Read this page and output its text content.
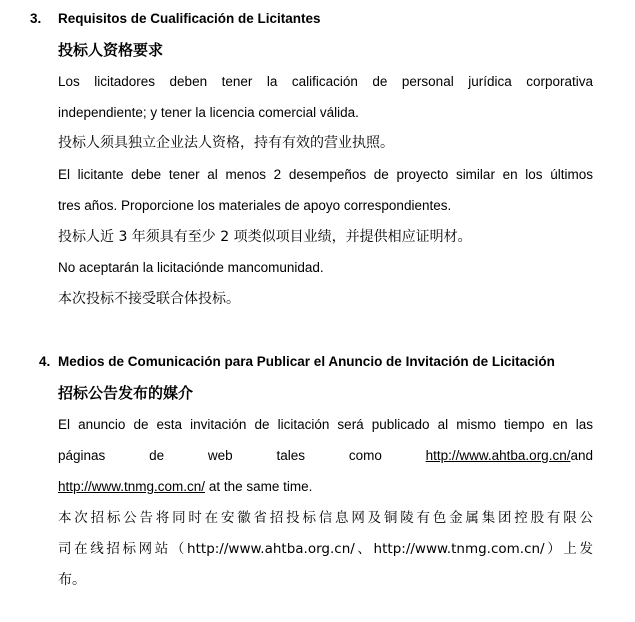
3. Requisitos de Cualificación de Licitantes
投标人资格要求
Los licitadores deben tener la calificación de personal jurídica corporativa
independiente; y tener la licencia comercial válida.
投标人须具独立企业法人资格，持有有效的营业执照。
El licitante debe tener al menos 2 desempeños de proyecto similar en los últimos
tres años. Proporcione los materiales de apoyo correspondientes.
投标人近 3 年须具有至少 2 项类似项目业绩，并提供相应证明材。
No aceptarán la licitaciónde mancomunidad.
本次投标不接受联合体投标。
4. Medios de Comunicación para Publicar el Anuncio de Invitación de Licitación
招标公告发布的媒介
El anuncio de esta invitación de licitación será publicado al mismo tiempo en las
páginas	de	web	tales	como	http://www.ahtba.org.cn/and
http://www.tnmg.com.cn/ at the same time.
本次招标公告将同时在安徽省招投标信息网及铜陵有色金属集团控股有限公
司在线招标网站（http://www.ahtba.org.cn/、http://www.tnmg.com.cn/）上发
布。
